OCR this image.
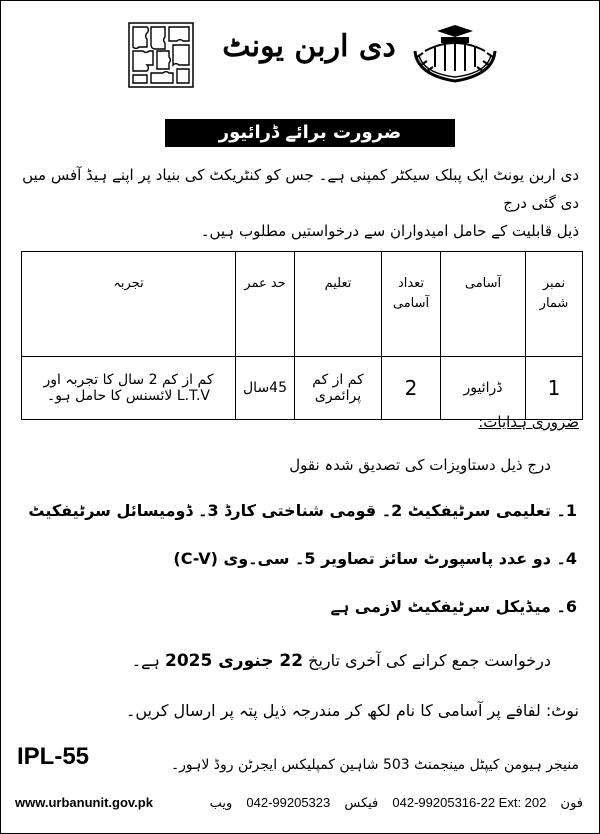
دی اربن یونٹ
ضرورت برائے ڈرائیور
دی اربن یونٹ ایک پبلک سیکٹر کمپنی ہے۔ جس کو کنٹریکٹ کی بنیاد پر اپنے ہیڈ آفس میں دی گئی درج
ذیل قابلیت کے حامل امیدواران سے درخواستیں مطلوب ہیں۔
نمبر شمار	آسامی	تعداد آسامی	تعلیم	حد عمر	تجربہ
1	ڈرائیور	2	کم از کم پرائمری	45سال	کم از کم 2 سال کا تجربہ اور L.T.V لائسنس کا حامل ہو۔
ضروری ہدایات:
درج ذیل دستاویزات کی تصدیق شدہ نقول
1۔ تعلیمی سرٹیفکیٹ 2۔ قومی شناختی کارڈ 3۔ ڈومیسائل سرٹیفکیٹ
4۔ دو عدد پاسپورٹ سائز تصاویر 5۔ سی۔وی (C-V)
6۔ میڈیکل سرٹیفکیٹ لازمی ہے
درخواست جمع کرانے کی آخری تاریخ 22 جنوری 2025 ہے۔
نوٹ: لفافے پر آسامی کا نام لکھ کر مندرجہ ذیل پتہ پر ارسال کریں۔
IPL-55	منیجر ہیومن کیپٹل مینجمنٹ 503 شاہین کمپلیکس ایجرٹن روڈ لاہور۔
www.urbanunit.gov.pk	فون 042-99205316-22 Ext: 202 فیکس 042-99205323 ویب
